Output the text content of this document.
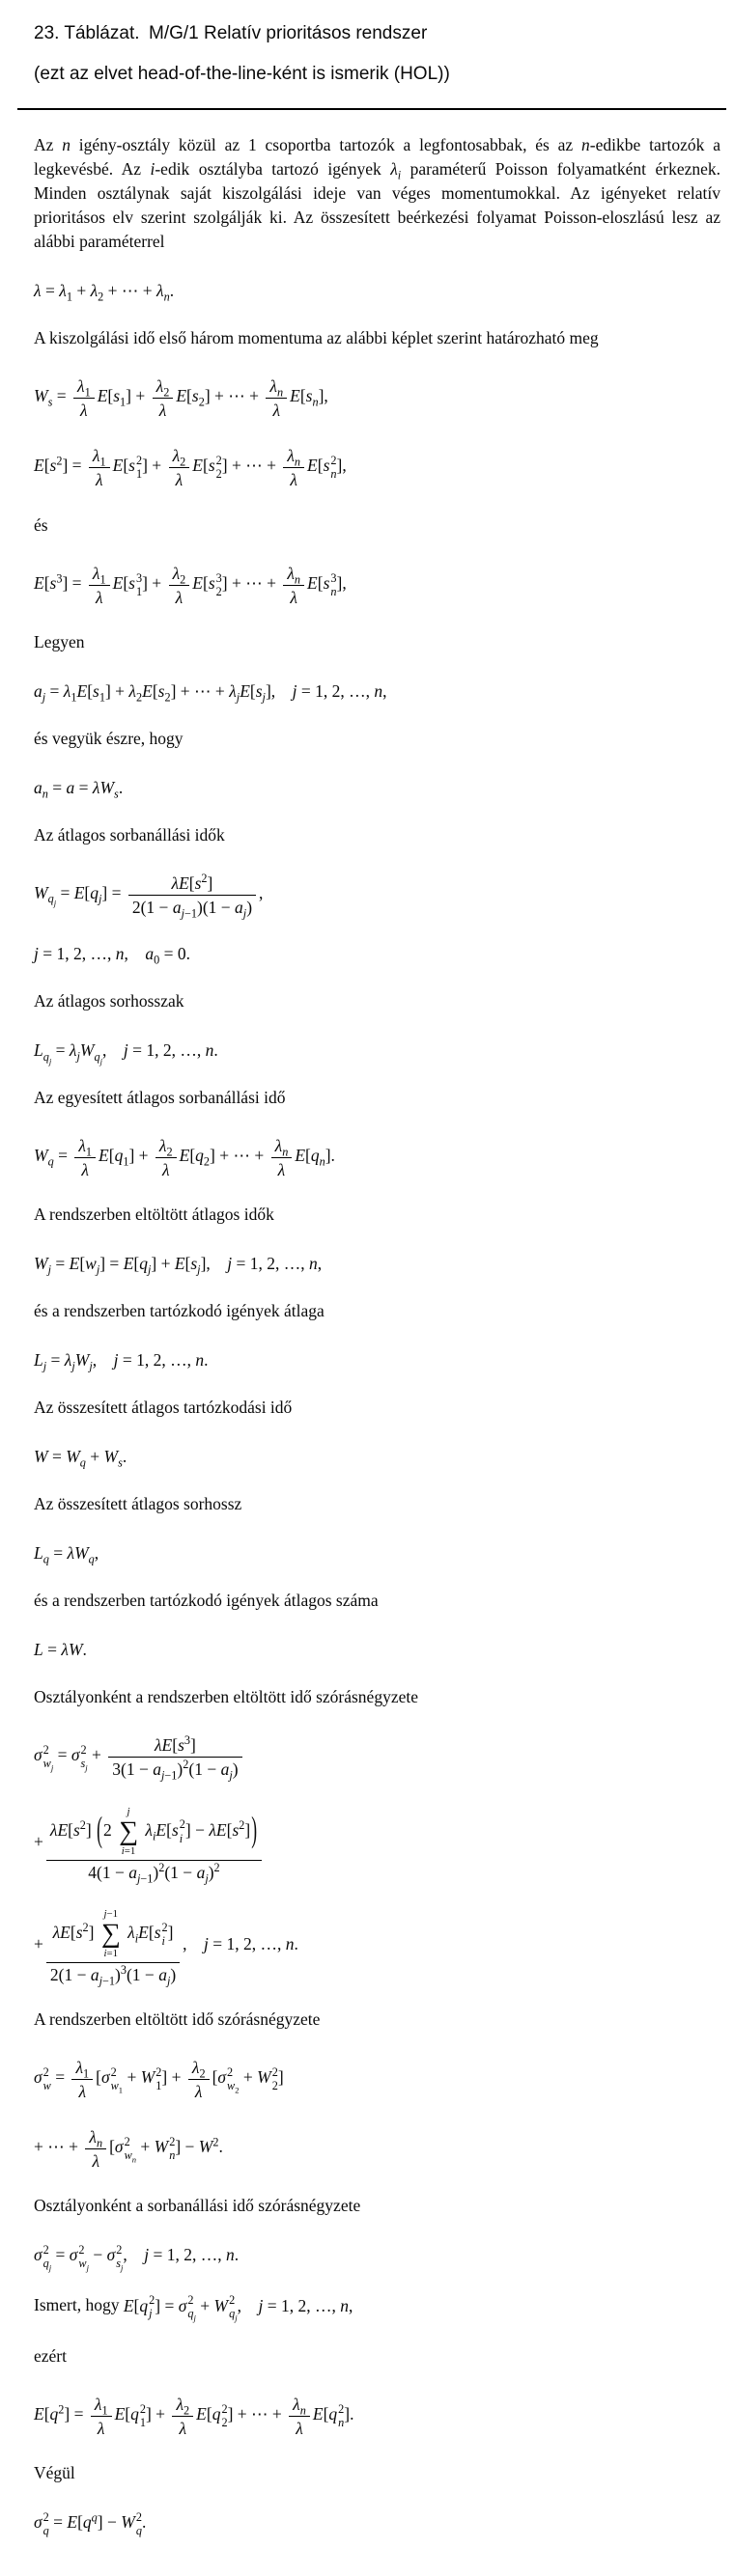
23. Táblázat. M/G/1 Relatív prioritásos rendszer
(ezt az elvet head-of-the-line-ként is ismerik (HOL))

Az n igény-osztály közül az 1 csoportba tartozók a legfontosabbak, és az n-edikbe tartozók a legkevésbé. Az i-edik osztályba tartozó igények $\lambda_i$ paraméterű Poisson folyamatként érkeznek. Minden osztálynak saját kiszolgálási ideje van véges momentumokkal. Az igényeket relatív prioritásos elv szerint szolgálják ki. Az összesített beérkezési folyamat Poisson-eloszlású lesz az alábbi paraméterrel

$\lambda = \lambda_1 + \lambda_2$ + ⋯ + $\lambda_n$.

A kiszolgálási idő első három momentuma az alábbi képlet szerint határozható meg

$W_s = \frac{\lambda_1}{\lambda} E[s_1] + \frac{\lambda_2}{\lambda} E[s_2]$ + ⋯ + $\frac{\lambda_n}{\lambda} E[s_n]$,
$E[s^2] = \frac{\lambda_1}{\lambda} E[s$ 2
1 ] + $\frac{\lambda_2}{\lambda} E[s$ 2
2 ] + ⋯ + $\frac{\lambda_n}{\lambda} E[s$ 2
n ],

és

$E[s^3] = \frac{\lambda_1}{\lambda} E[s$ 3
1 ] + $\frac{\lambda_2}{\lambda} E[s$ 3
2 ] + ⋯ + $\frac{\lambda_n}{\lambda} E[s$ 3
n ],

Legyen

$a_j = \lambda_1E[s_1] + \lambda_2E[s_2]$ + ⋯ + $\lambda_jE[s_j]$, j = 1, 2, …, n,

és vegyük észre, hogy

$a_n = a = \lambda W_s$.

Az átlagos sorbanállási idők

$W_{q_j} = E[q_j] = \frac{\lambda E[s^2]}{2(1 - a_{j-1})(1 - a_j)}$ ,
j = 1, 2, …, n, $a_0 = 0$.

Az átlagos sorhosszak

$L_{q_j} = \lambda_jW_{q_j}$, j = 1, 2, …, n.

Az egyesített átlagos sorbanállási idő

$W_q = \frac{\lambda_1}{\lambda} E[q_1] + \frac{\lambda_2}{\lambda} E[q_2]$ + ⋯ + $\frac{\lambda_n}{\lambda} E[q_n]$.

A rendszerben eltöltött átlagos idők

$W_j = E[w_j] = E[q_j] + E[s_j]$, j = 1, 2, …, n,

és a rendszerben tartózkodó igények átlaga

$L_j = \lambda_jW_j$, j = 1, 2, …, n.

Az összesített átlagos tartózkodási idő

$W = W_q + W_s$.

Az összesített átlagos sorhossz

$L_q = \lambda W_q$,

és a rendszerben tartózkodó igények átlagos száma

L = λW.

Osztályonként a rendszerben eltöltött idő szórásnégyzete

σ 2
$w_j$
= σ 2
$s_j$
+ $\frac{\lambda E[s^3]}{3(1 - a_{j-1})^2(1 - a_j)}$
+ $\lambda E[s^2]$ (2
j
∑
i=1
$\lambda_iE[s$ 2
i ] − $\lambda E[s^2]$)
$4(1 - a_{j-1})^2(1 - a_j)^2$
+ $\lambda E[s^2]$
j−1
∑
i=1
$\lambda_iE[s$ 2
i ]
$2(1 - a_{j-1})^3(1 - a_j)$ , j = 1, 2, …, n.

A rendszerben eltöltött idő szórásnégyzete

σ 2
$w = \frac{\lambda_1}{\lambda} [\sigma$ 2
$w_1$
+ W 2
1 ] + $\frac{\lambda_2}{\lambda} [\sigma$ 2
$w_2$
+ W 2
2 ]
+ ⋯ + $\frac{\lambda_n}{\lambda} [\sigma$ 2
$w_n$
+ W 2
n ] − $W^2$.

Osztályonként a sorbanállási idő szórásnégyzete

σ 2
$q_j$
= σ 2
$w_j$
− σ 2
$s_j$
, j = 1, 2, …, n.

Ismert, hogy E[q 2
j ] = σ 2
$q_j$
+ W 2
$q_j$
, j = 1, 2, …, n,

ezért

$E[q^2] = \frac{\lambda_1}{\lambda} E[q$ 2
1 ] + $\frac{\lambda_2}{\lambda} E[q$ 2
2 ] + ⋯ + $\frac{\lambda_n}{\lambda} E[q$ 2
n ].

Végül

σ 2
$q = E[q^q] - W$ 2
q .
